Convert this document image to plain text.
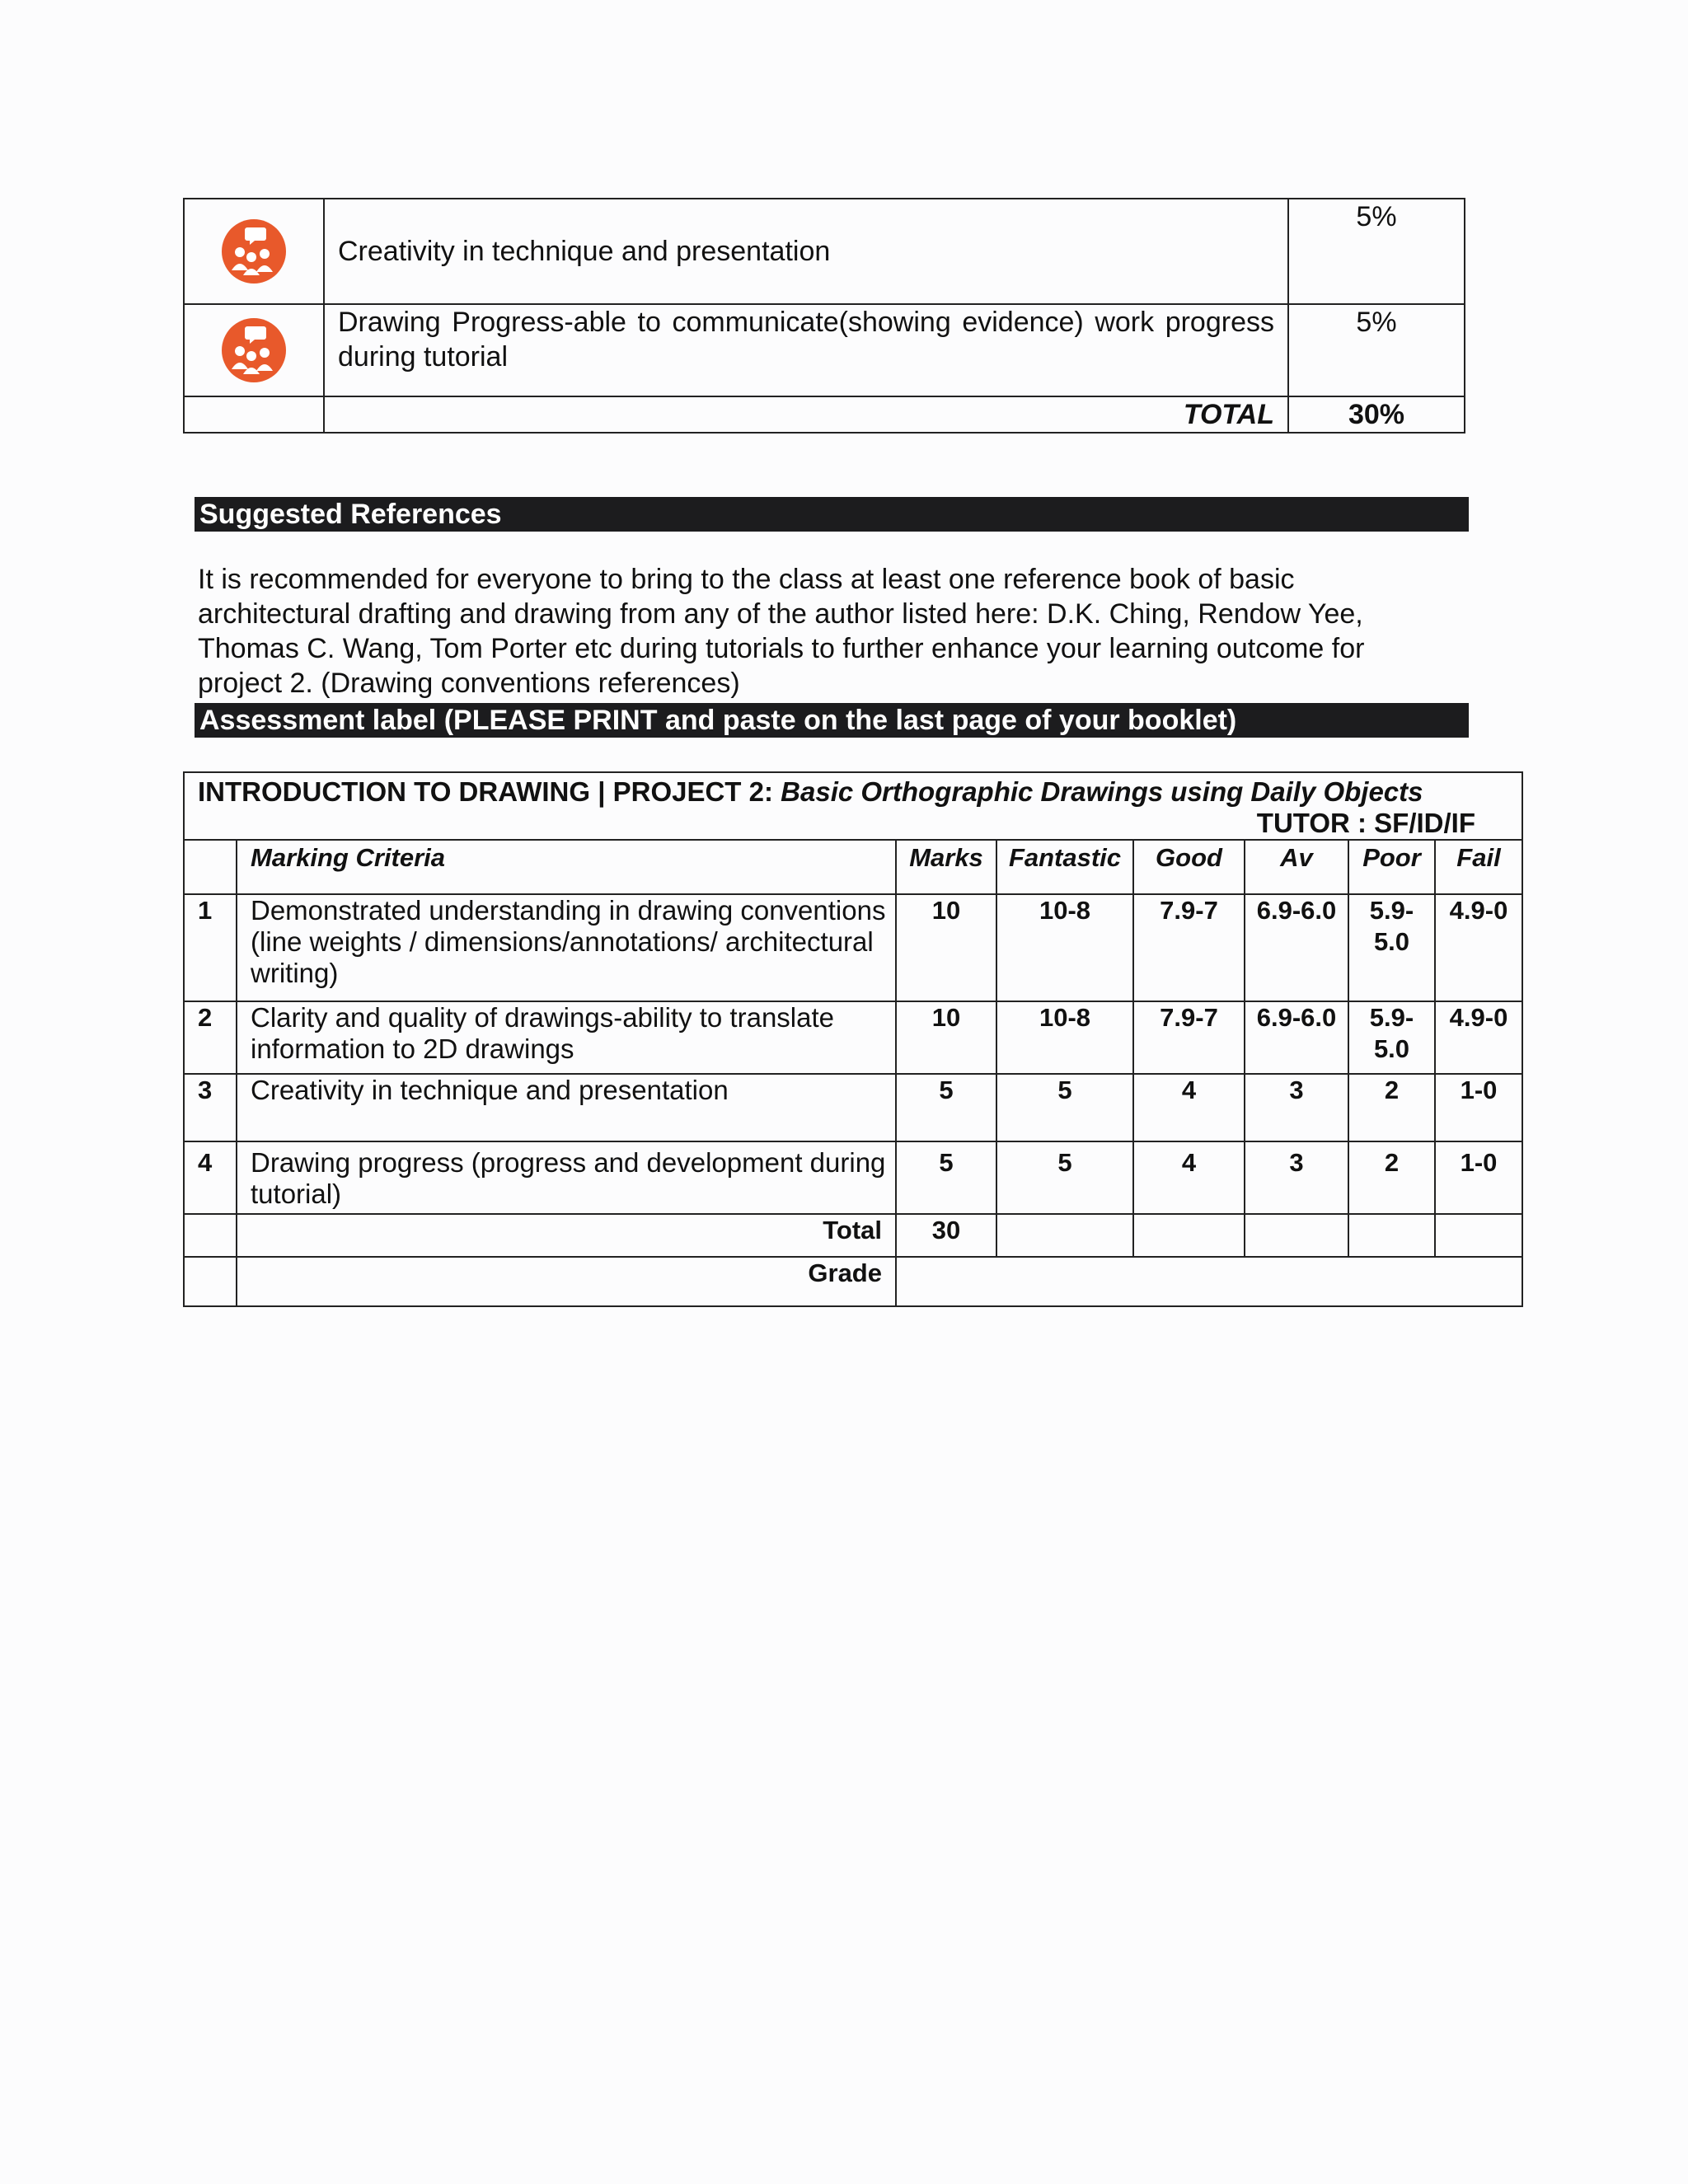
	Creativity in technique and presentation	5%

	Drawing Progress-able to communicate(showing evidence) work progress during tutorial	5%
	TOTAL	30%
Suggested References

It is recommended for everyone to bring to the class at least one reference book of basic architectural drafting and drawing from any of the author listed here: D.K. Ching, Rendow Yee, Thomas C. Wang, Tom Porter etc during tutorials to further enhance your learning outcome for project 2. (Drawing conventions references)

Assessment label (PLEASE PRINT and paste on the last page of your booklet)
INTRODUCTION TO DRAWING | PROJECT 2: Basic Orthographic Drawings using Daily Objects
TUTOR : SF/ID/IF							

	Marking Criteria	Marks	Fantastic	Good	Av	Poor	Fail
1	Demonstrated understanding in drawing conventions (line weights / dimensions/annotations/ architectural writing)	10	10-8	7.9-7	6.9-6.0	5.9-5.0	4.9-0
2	Clarity and quality of drawings-ability to translate information to 2D drawings	10	10-8	7.9-7	6.9-6.0	5.9-5.0	4.9-0
3	Creativity in technique and presentation	5	5	4	3	2	1-0
4	Drawing progress (progress and development during tutorial)	5	5	4	3	2	1-0
	Total	30					
	Grade						
